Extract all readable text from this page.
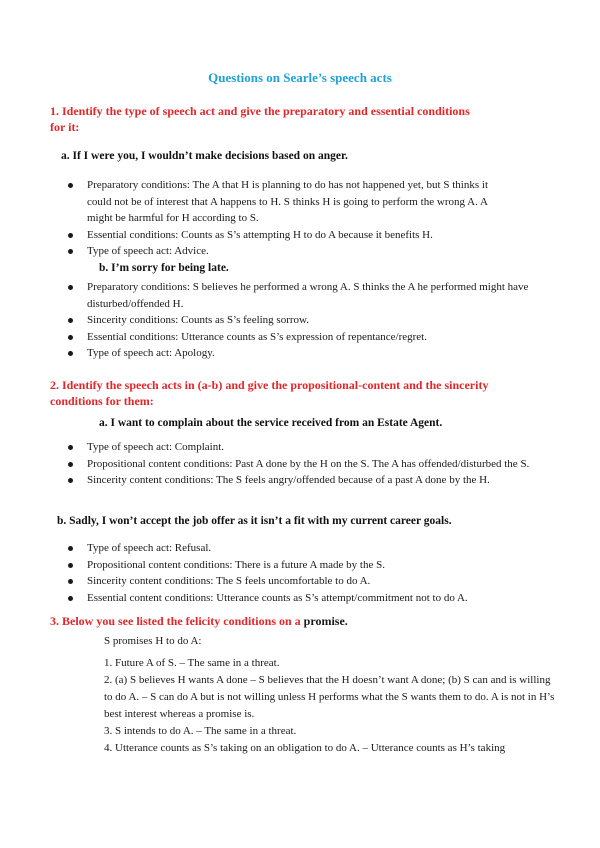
Questions on Searle’s speech acts
1. Identify the type of speech act and give the preparatory and essential conditions
for it:
a. If I were you, I wouldn’t make decisions based on anger.
Preparatory conditions: The A that H is planning to do has not happened yet, but S thinks it could not be of interest that A happens to H. S thinks H is going to perform the wrong A. A might be harmful for H according to S.
Essential conditions: Counts as S’s attempting H to do A because it benefits H.
Type of speech act: Advice.
b. I’m sorry for being late.
Preparatory conditions: S believes he performed a wrong A. S thinks the A he performed might have disturbed/offended H.
Sincerity conditions: Counts as S’s feeling sorrow.
Essential conditions: Utterance counts as S’s expression of repentance/regret.
Type of speech act: Apology.
2. Identify the speech acts in (a-b) and give the propositional-content and the sincerity
conditions for them:
a. I want to complain about the service received from an Estate Agent.
Type of speech act: Complaint.
Propositional content conditions: Past A done by the H on the S. The A has offended/disturbed the S.
Sincerity content conditions: The S feels angry/offended because of a past A done by the H.
b. Sadly, I won’t accept the job offer as it isn’t a fit with my current career goals.
Type of speech act: Refusal.
Propositional content conditions: There is a future A made by the S.
Sincerity content conditions: The S feels uncomfortable to do A.
Essential content conditions: Utterance counts as S’s attempt/commitment not to do A.
3. Below you see listed the felicity conditions on a promise.
S promises H to do A:
1. Future A of S. – The same in a threat.
2. (a) S believes H wants A done – S believes that the H doesn’t want A done; (b) S can and is willing to do A. – S can do A but is not willing unless H performs what the S wants them to do. A is not in H’s best interest whereas a promise is.
3. S intends to do A. – The same in a threat.
4. Utterance counts as S’s taking on an obligation to do A. – Utterance counts as H’s taking
